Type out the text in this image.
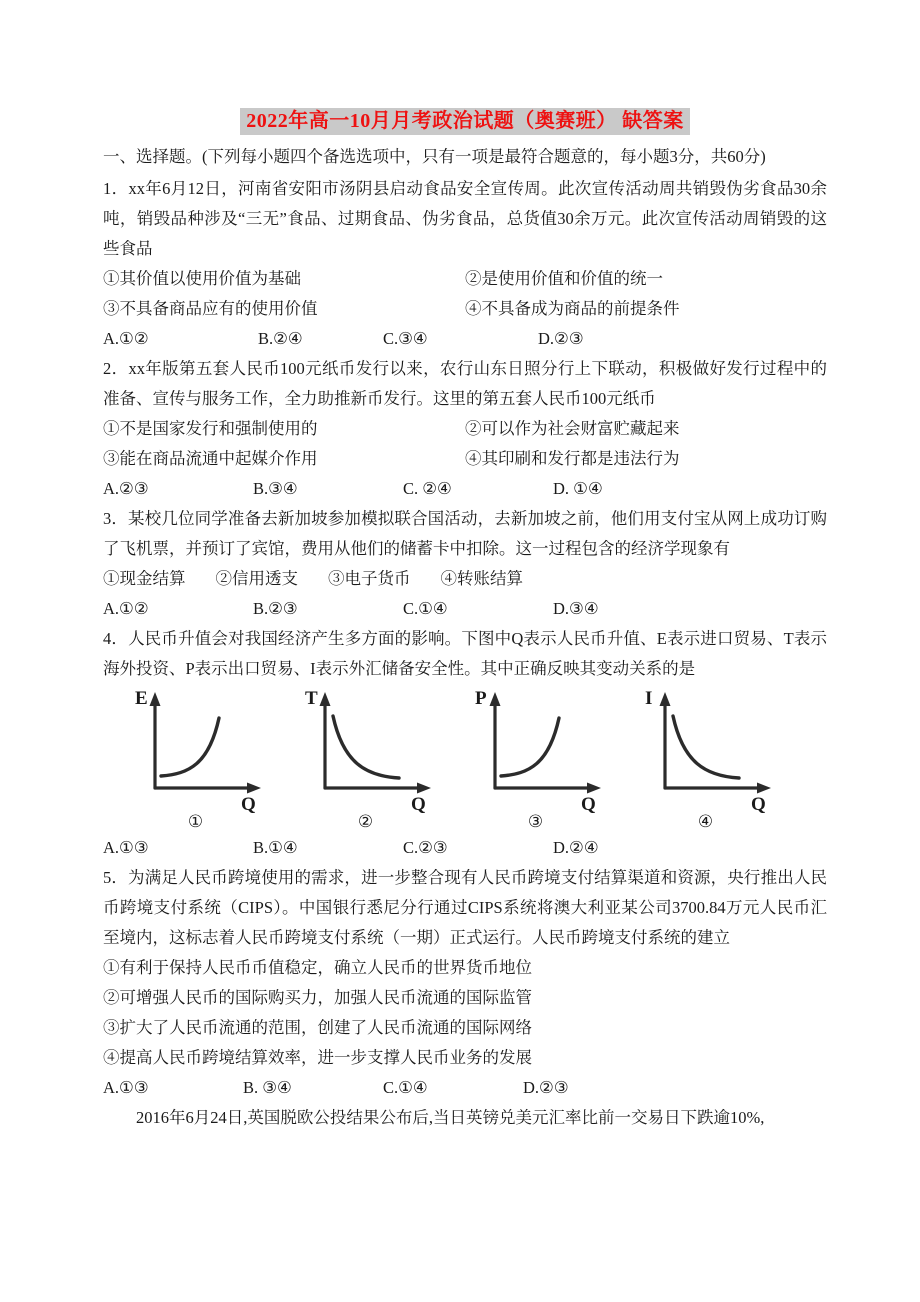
2022年高一10月月考政治试题（奥赛班） 缺答案
一、选择题。(下列每小题四个备选选项中，只有一项是最符合题意的，每小题3分，共60分)
1．xx年6月12日，河南省安阳市汤阴县启动食品安全宣传周。此次宣传活动周共销毁伪劣食品30余吨，销毁品种涉及“三无”食品、过期食品、伪劣食品，总货值30余万元。此次宣传活动周销毁的这些食品
①其价值以使用价值为基础	②是使用价值和价值的统一
③不具备商品应有的使用价值	④不具备成为商品的前提条件
A.①②	B.②④	C.③④	D.②③
2．xx年版第五套人民币100元纸币发行以来，农行山东日照分行上下联动，积极做好发行过程中的准备、宣传与服务工作，全力助推新币发行。这里的第五套人民币100元纸币
①不是国家发行和强制使用的	②可以作为社会财富贮藏起来
③能在商品流通中起媒介作用	④其印刷和发行都是违法行为
A.②③	B.③④	C. ②④	D. ①④
3．某校几位同学准备去新加坡参加模拟联合国活动，去新加坡之前，他们用支付宝从网上成功订购了飞机票，并预订了宾馆，费用从他们的储蓄卡中扣除。这一过程包含的经济学现象有
①现金结算 ②信用透支 ③电子货币 ④转账结算
A.①②	B.②③	C.①④	D.③④
4．人民币升值会对我国经济产生多方面的影响。下图中Q表示人民币升值、E表示进口贸易、T表示海外投资、P表示出口贸易、I表示外汇储备安全性。其中正确反映其变动关系的是
E
Q
①
T
Q
②
P
Q
③
I
Q
④
A.①③	B.①④	C.②③	D.②④
5．为满足人民币跨境使用的需求，进一步整合现有人民币跨境支付结算渠道和资源，央行推出人民币跨境支付系统（CIPS）。中国银行悉尼分行通过CIPS系统将澳大利亚某公司3700.84万元人民币汇至境内，这标志着人民币跨境支付系统（一期）正式运行。人民币跨境支付系统的建立
①有利于保持人民币币值稳定，确立人民币的世界货币地位
②可增强人民币的国际购买力，加强人民币流通的国际监管
③扩大了人民币流通的范围，创建了人民币流通的国际网络
④提高人民币跨境结算效率，进一步支撑人民币业务的发展
A.①③	B. ③④	C.①④	D.②③
2016年6月24日,英国脱欧公投结果公布后,当日英镑兑美元汇率比前一交易日下跌逾10%,
